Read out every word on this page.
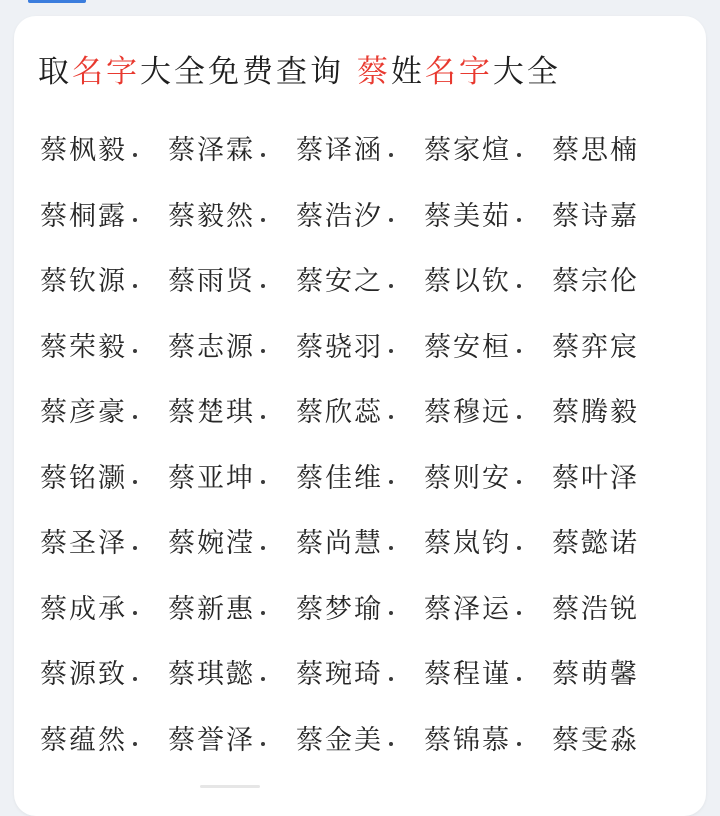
取名字大全免费查询 蔡姓名字大全
蔡枫毅 蔡泽霖 蔡译涵 蔡家煊 蔡思楠
蔡桐露 蔡毅然 蔡浩汐 蔡美茹 蔡诗嘉
蔡钦源 蔡雨贤 蔡安之 蔡以钦 蔡宗伦
蔡荣毅 蔡志源 蔡骁羽 蔡安桓 蔡弈宸
蔡彦豪 蔡楚琪 蔡欣蕊 蔡穆远 蔡腾毅
蔡铭灏 蔡亚坤 蔡佳维 蔡则安 蔡叶泽
蔡圣泽 蔡婉滢 蔡尚慧 蔡岚钧 蔡懿诺
蔡成承 蔡新惠 蔡梦瑜 蔡泽运 蔡浩锐
蔡源致 蔡琪懿 蔡琬琦 蔡程谨 蔡萌馨
蔡蕴然 蔡誉泽 蔡金美 蔡锦慕 蔡雯淼
